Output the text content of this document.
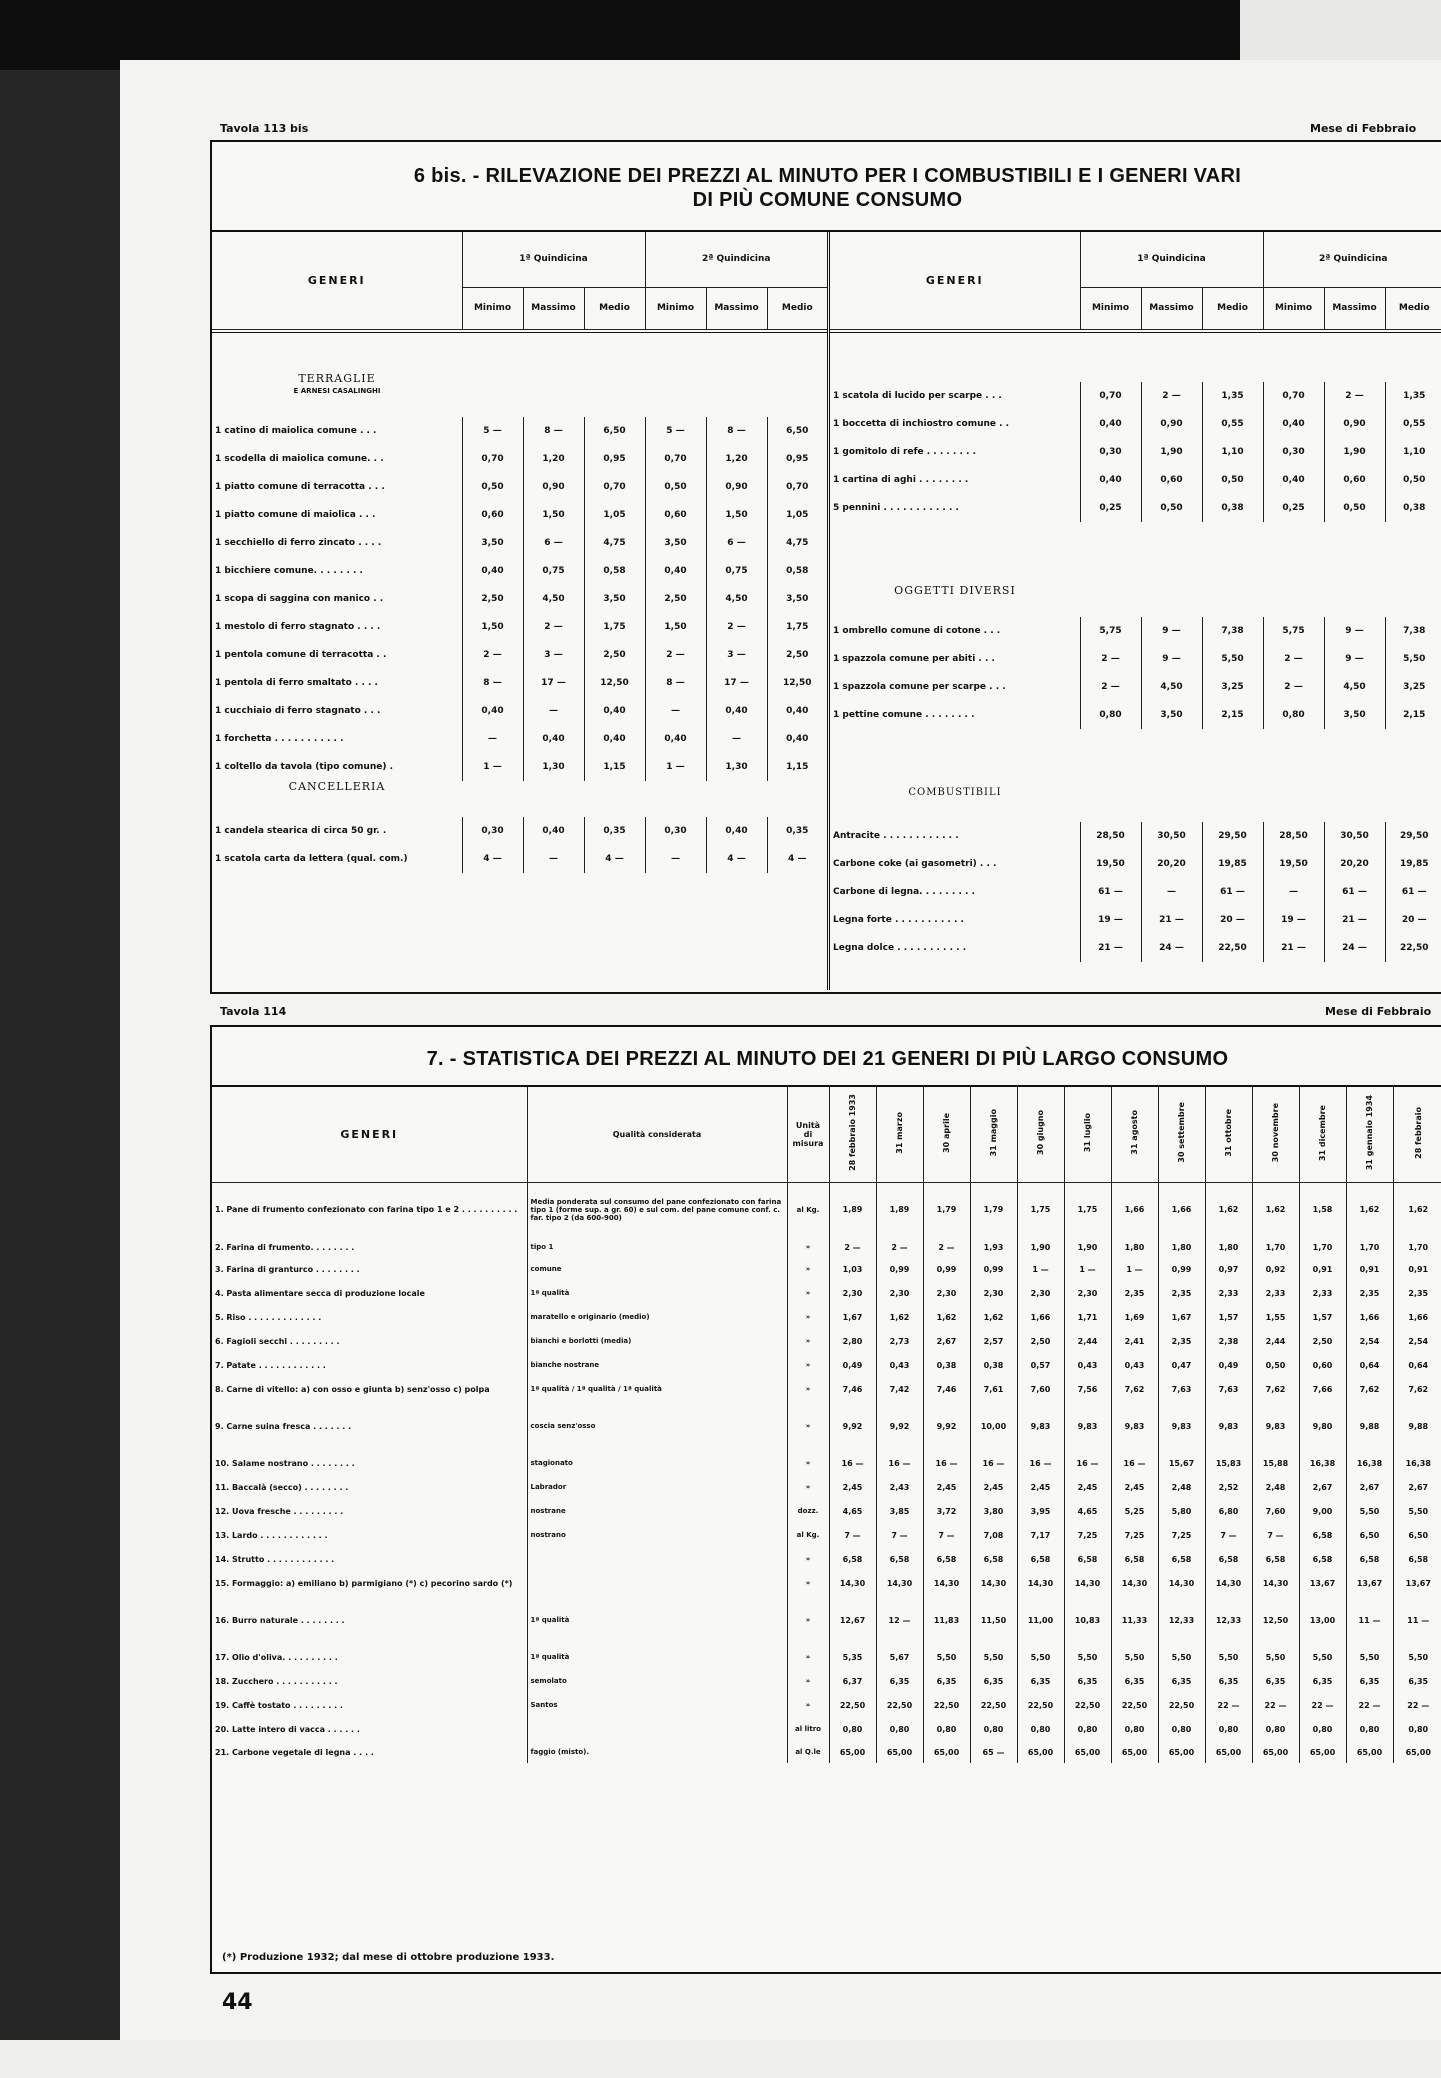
Tavola 113 bis	Mese di Febbraio
6 bis. - RILEVAZIONE DEI PREZZI AL MINUTO PER I COMBUSTIBILI E I GENERI VARI
DI PIÙ COMUNE CONSUMO
GENERI	1ª Quindicina			2ª Quindicina		
	Minimo	Massimo	Medio	Minimo	Massimo	Medio
TERRAGLIE
E ARNESI CASALINGHI
1 catino di maiolica comune . . .	5 —	8 —	6,50	5 —	8 —	6,50
1 scodella di maiolica comune. . .	0,70	1,20	0,95	0,70	1,20	0,95
1 piatto comune di terracotta . . .	0,50	0,90	0,70	0,50	0,90	0,70
1 piatto comune di maiolica . . .	0,60	1,50	1,05	0,60	1,50	1,05
1 secchiello di ferro zincato . . . .	3,50	6 —	4,75	3,50	6 —	4,75
1 bicchiere comune. . . . . . . .	0,40	0,75	0,58	0,40	0,75	0,58
1 scopa di saggina con manico . .	2,50	4,50	3,50	2,50	4,50	3,50
1 mestolo di ferro stagnato . . . .	1,50	2 —	1,75	1,50	2 —	1,75
1 pentola comune di terracotta . .	2 —	3 —	2,50	2 —	3 —	2,50
1 pentola di ferro smaltato . . . .	8 —	17 —	12,50	8 —	17 —	12,50
1 cucchiaio di ferro stagnato . . .	0,40	—	0,40	—	0,40	0,40
1 forchetta . . . . . . . . . . .	—	0,40	0,40	0,40	—	0,40
1 coltello da tavola (tipo comune) .	1 —	1,30	1,15	1 —	1,30	1,15
CANCELLERIA
1 candela stearica di circa 50 gr. .	0,30	0,40	0,35	0,30	0,40	0,35
1 scatola carta da lettera (qual. com.)	4 —	—	4 —	—	4 —	4 —
GENERI	1ª Quindicina			2ª Quindicina		
	Minimo	Massimo	Medio	Minimo	Massimo	Medio
1 scatola di lucido per scarpe . . .	0,70	2 —	1,35	0,70	2 —	1,35
1 boccetta di inchiostro comune . .	0,40	0,90	0,55	0,40	0,90	0,55
1 gomitolo di refe . . . . . . . .	0,30	1,90	1,10	0,30	1,90	1,10
1 cartina di aghi . . . . . . . .	0,40	0,60	0,50	0,40	0,60	0,50
5 pennini . . . . . . . . . . . .	0,25	0,50	0,38	0,25	0,50	0,38
OGGETTI DIVERSI
1 ombrello comune di cotone . . .	5,75	9 —	7,38	5,75	9 —	7,38
1 spazzola comune per abiti . . .	2 —	9 —	5,50	2 —	9 —	5,50
1 spazzola comune per scarpe . . .	2 —	4,50	3,25	2 —	4,50	3,25
1 pettine comune . . . . . . . .	0,80	3,50	2,15	0,80	3,50	2,15
COMBUSTIBILI
Antracite . . . . . . . . . . . .	28,50	30,50	29,50	28,50	30,50	29,50
Carbone coke (ai gasometri) . . .	19,50	20,20	19,85	19,50	20,20	19,85
Carbone di legna. . . . . . . . .	61 —	—	61 —	—	61 —	61 —
Legna forte . . . . . . . . . . .	19 —	21 —	20 —	19 —	21 —	20 —
Legna dolce . . . . . . . . . . .	21 —	24 —	22,50	21 —	24 —	22,50
Tavola 114	Mese di Febbraio
7. - STATISTICA DEI PREZZI AL MINUTO DEI 21 GENERI DI PIÙ LARGO CONSUMO
GENERI	Qualità considerata	Unità di misura	28 febbraio 1933	31 marzo	30 aprile	31 maggio	30 giugno	31 luglio	31 agosto	30 settembre	31 ottobre	30 novembre	31 dicembre	31 gennaio 1934	28 febbraio
1. Pane di frumento confezionato con farina tipo 1 e 2 . . . . . . . . . .	Media ponderata sul consumo del pane confezionato con farina tipo 1 (forme sup. a gr. 60) e sul com. del pane comune conf. c. far. tipo 2 (da 600-900)	al Kg.	1,89	1,89	1,79	1,79	1,75	1,75	1,66	1,66	1,62	1,62	1,58	1,62	1,62
2. Farina di frumento. . . . . . . .	tipo 1	»	2 —	2 —	2 —	1,93	1,90	1,90	1,80	1,80	1,80	1,70	1,70	1,70	1,70
3. Farina di granturco . . . . . . . .	comune	»	1,03	0,99	0,99	0,99	1 —	1 —	1 —	0,99	0,97	0,92	0,91	0,91	0,91
4. Pasta alimentare secca di produzione locale	1ª qualità	»	2,30	2,30	2,30	2,30	2,30	2,30	2,35	2,35	2,33	2,33	2,33	2,35	2,35
5. Riso . . . . . . . . . . . . .	maratello e originario (medio)	»	1,67	1,62	1,62	1,62	1,66	1,71	1,69	1,67	1,57	1,55	1,57	1,66	1,66
6. Fagioli secchi . . . . . . . . .	bianchi e borlotti (media)	»	2,80	2,73	2,67	2,57	2,50	2,44	2,41	2,35	2,38	2,44	2,50	2,54	2,54
7. Patate . . . . . . . . . . . .	bianche nostrane	»	0,49	0,43	0,38	0,38	0,57	0,43	0,43	0,47	0,49	0,50	0,60	0,64	0,64
8. Carne di vitello: a) con osso e giunta b) senz'osso c) polpa	1ª qualità / 1ª qualità / 1ª qualità	»	7,46	7,42	7,46	7,61	7,60	7,56	7,62	7,63	7,63	7,62	7,66	7,62	7,62
9. Carne suina fresca . . . . . . .	coscia senz'osso	»	9,92	9,92	9,92	10,00	9,83	9,83	9,83	9,83	9,83	9,83	9,80	9,88	9,88
10. Salame nostrano . . . . . . . .	stagionato	»	16 —	16 —	16 —	16 —	16 —	16 —	16 —	15,67	15,83	15,88	16,38	16,38	16,38
11. Baccalà (secco) . . . . . . . .	Labrador	»	2,45	2,43	2,45	2,45	2,45	2,45	2,45	2,48	2,52	2,48	2,67	2,67	2,67
12. Uova fresche . . . . . . . . .	nostrane	dozz.	4,65	3,85	3,72	3,80	3,95	4,65	5,25	5,80	6,80	7,60	9,00	5,50	5,50
13. Lardo . . . . . . . . . . . .	nostrano	al Kg.	7 —	7 —	7 —	7,08	7,17	7,25	7,25	7,25	7 —	7 —	6,58	6,50	6,50
14. Strutto . . . . . . . . . . . .		»	6,58	6,58	6,58	6,58	6,58	6,58	6,58	6,58	6,58	6,58	6,58	6,58	6,58
15. Formaggio: a) emiliano b) parmigiano (*) c) pecorino sardo (*)		»	14,30	14,30	14,30	14,30	14,30	14,30	14,30	14,30	14,30	14,30	13,67	13,67	13,67
16. Burro naturale . . . . . . . .	1ª qualità	»	12,67	12 —	11,83	11,50	11,00	10,83	11,33	12,33	12,33	12,50	13,00	11 —	11 —
17. Olio d'oliva. . . . . . . . . .	1ª qualità	»	5,35	5,67	5,50	5,50	5,50	5,50	5,50	5,50	5,50	5,50	5,50	5,50	5,50
18. Zucchero . . . . . . . . . . .	semolato	»	6,37	6,35	6,35	6,35	6,35	6,35	6,35	6,35	6,35	6,35	6,35	6,35	6,35
19. Caffè tostato . . . . . . . . .	Santos	»	22,50	22,50	22,50	22,50	22,50	22,50	22,50	22,50	22 —	22 —	22 —	22 —	22 —
20. Latte intero di vacca . . . . . .		al litro	0,80	0,80	0,80	0,80	0,80	0,80	0,80	0,80	0,80	0,80	0,80	0,80	0,80
21. Carbone vegetale di legna . . . .	faggio (misto).	al Q.le	65,00	65,00	65,00	65 —	65,00	65,00	65,00	65,00	65,00	65,00	65,00	65,00	65,00
(*) Produzione 1932; dal mese di ottobre produzione 1933.
44
